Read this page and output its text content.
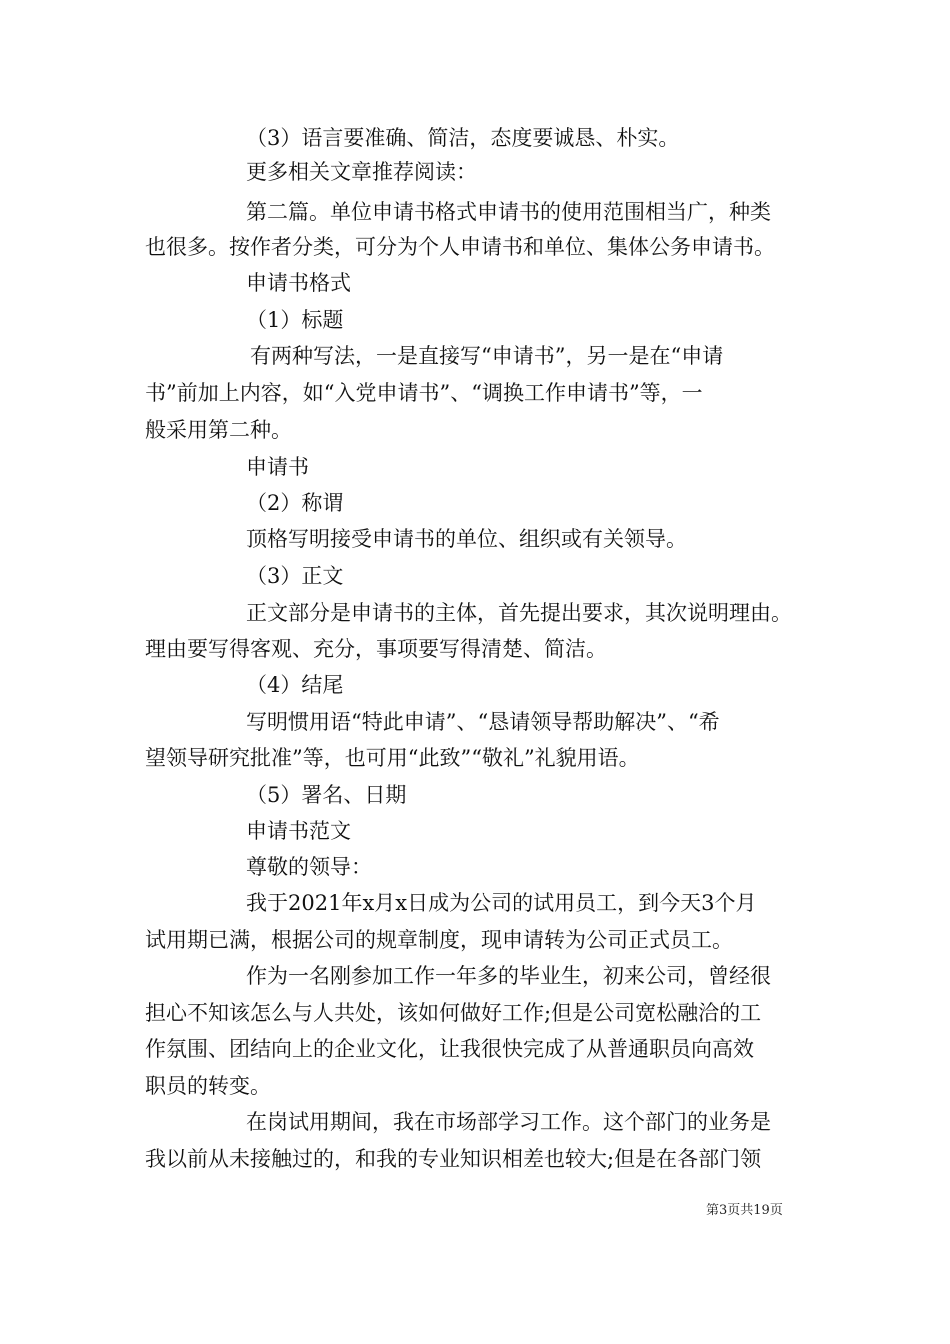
（3）语言要准确、简洁，态度要诚恳、朴实。
更多相关文章推荐阅读：
第二篇。单位申请书格式申请书的使用范围相当广，种类
也很多。按作者分类，可分为个人申请书和单位、集体公务申请书。
申请书格式
（1）标题
有两种写法，一是直接写“申请书”，另一是在“申请
书”前加上内容，如“入党申请书”、“调换工作申请书”等，一
般采用第二种。
申请书
（2）称谓
顶格写明接受申请书的单位、组织或有关领导。
（3）正文
正文部分是申请书的主体，首先提出要求，其次说明理由。
理由要写得客观、充分，事项要写得清楚、简洁。
（4）结尾
写明惯用语“特此申请”、“恳请领导帮助解决”、“希
望领导研究批准”等，也可用“此致”“敬礼”礼貌用语。
（5）署名、日期
申请书范文
尊敬的领导：
我于2021年x月x日成为公司的试用员工，到今天3个月
试用期已满，根据公司的规章制度，现申请转为公司正式员工。
作为一名刚参加工作一年多的毕业生，初来公司，曾经很
担心不知该怎么与人共处，该如何做好工作;但是公司宽松融洽的工
作氛围、团结向上的企业文化，让我很快完成了从普通职员向高效
职员的转变。
在岗试用期间，我在市场部学习工作。这个部门的业务是
我以前从未接触过的，和我的专业知识相差也较大;但是在各部门领
第3页共19页
